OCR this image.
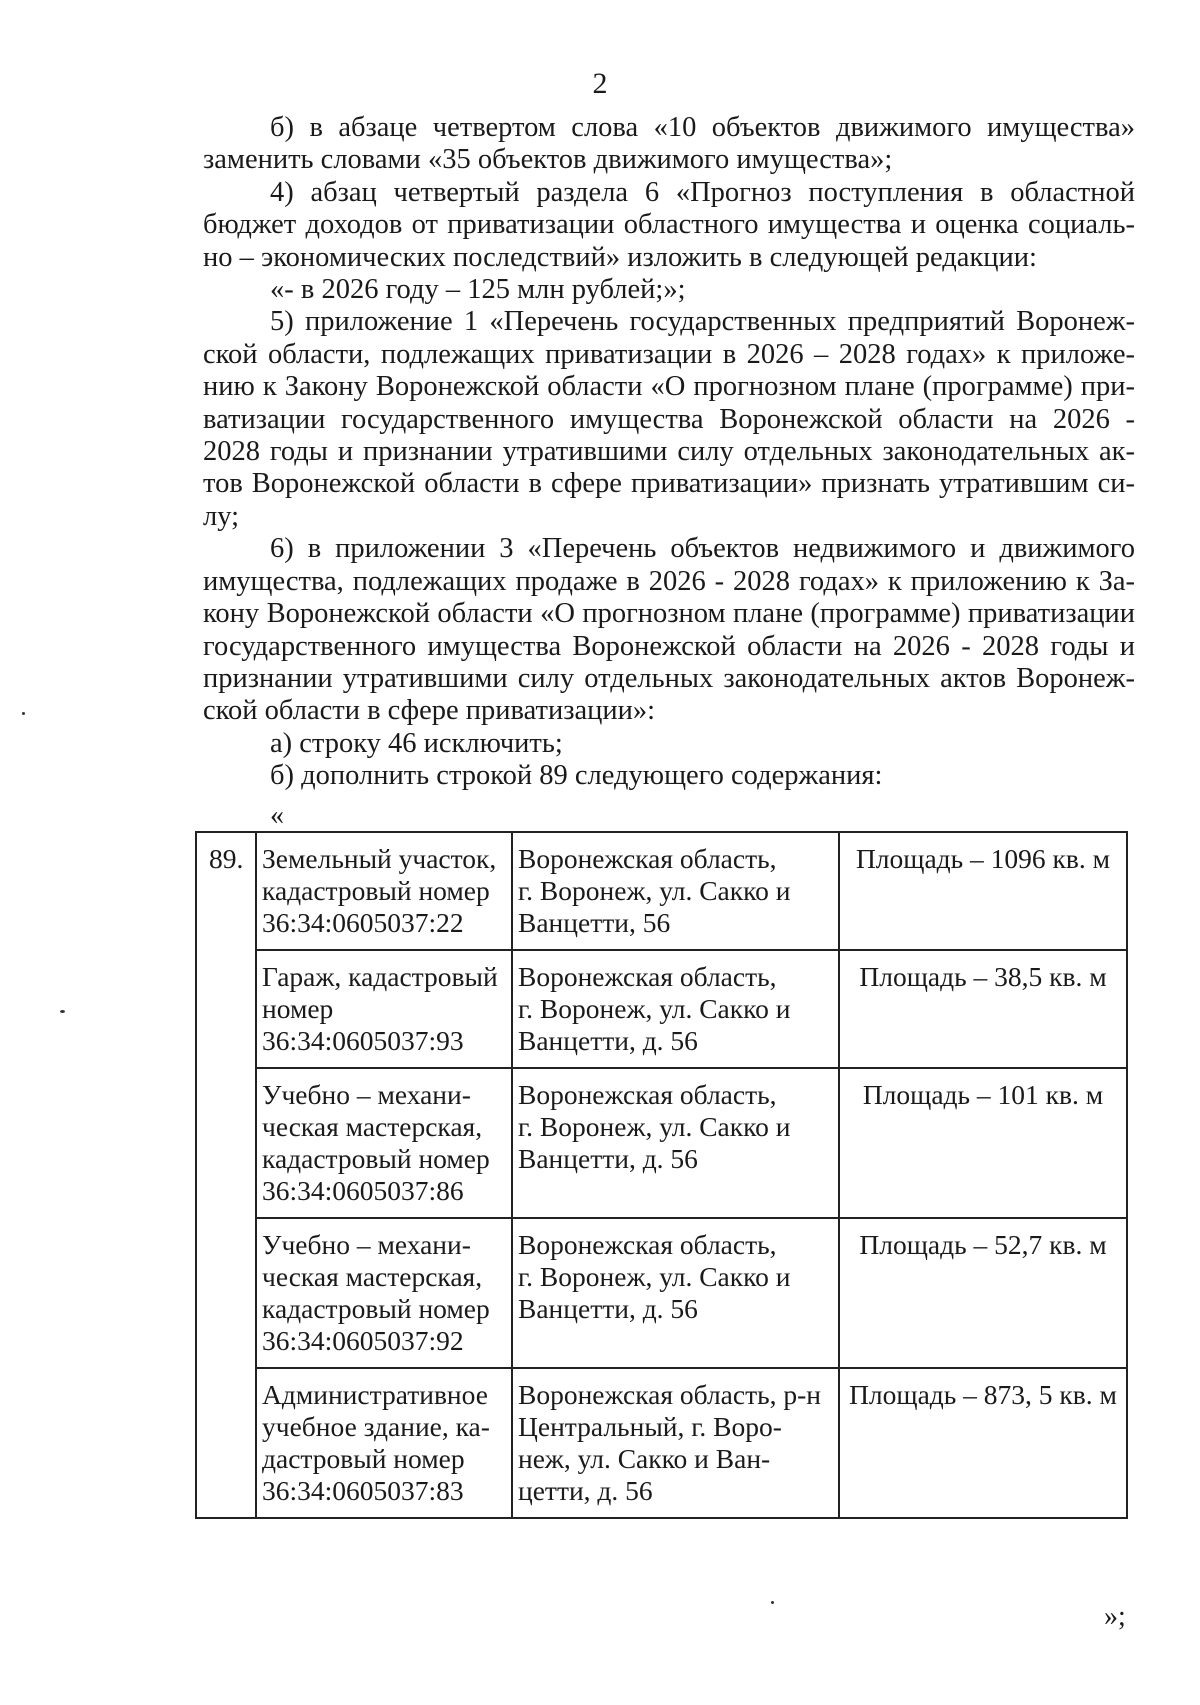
2

б) в абзаце четвертом слова «10 объектов движимого имущества»
заменить словами «35 объектов движимого имущества»;

4) абзац четвертый раздела 6 «Прогноз поступления в областной
бюджет доходов от приватизации областного имущества и оценка социаль-
но – экономических последствий» изложить в следующей редакции:

«- в 2026 году – 125 млн рублей;»;

5) приложение 1 «Перечень государственных предприятий Воронеж-
ской области, подлежащих приватизации в 2026 – 2028 годах» к приложе-
нию к Закону Воронежской области «О прогнозном плане (программе) при-
ватизации государственного имущества Воронежской области на 2026 -
2028 годы и признании утратившими силу отдельных законодательных ак-
тов Воронежской области в сфере приватизации» признать утратившим си-
лу;

6) в приложении 3 «Перечень объектов недвижимого и движимого
имущества, подлежащих продаже в 2026 - 2028 годах» к приложению к За-
кону Воронежской области «О прогнозном плане (программе) приватизации
государственного имущества Воронежской области на 2026 - 2028 годы и
признании утратившими силу отдельных законодательных актов Воронеж-
ской области в сфере приватизации»:

а) строку 46 исключить;

б) дополнить строкой 89 следующего содержания:

«
89.	Земельный участок,
кадастровый номер
36:34:0605037:22	Воронежская область,
г. Воронеж, ул. Сакко и
Ванцетти, 56	Площадь – 1096 кв. м

	Гараж, кадастровый
номер
36:34:0605037:93	Воронежская область,
г. Воронеж, ул. Сакко и
Ванцетти, д. 56	Площадь – 38,5 кв. м

	Учебно – механи-
ческая мастерская,
кадастровый номер
36:34:0605037:86	Воронежская область,
г. Воронеж, ул. Сакко и
Ванцетти, д. 56	Площадь – 101 кв. м

	Учебно – механи-
ческая мастерская,
кадастровый номер
36:34:0605037:92	Воронежская область,
г. Воронеж, ул. Сакко и
Ванцетти, д. 56	Площадь – 52,7 кв. м

	Административное
учебное здание, ка-
дастровый номер
36:34:0605037:83	Воронежская область, р-н
Центральный, г. Воро-
неж, ул. Сакко и Ван-
цетти, д. 56	Площадь – 873, 5 кв. м
»;
